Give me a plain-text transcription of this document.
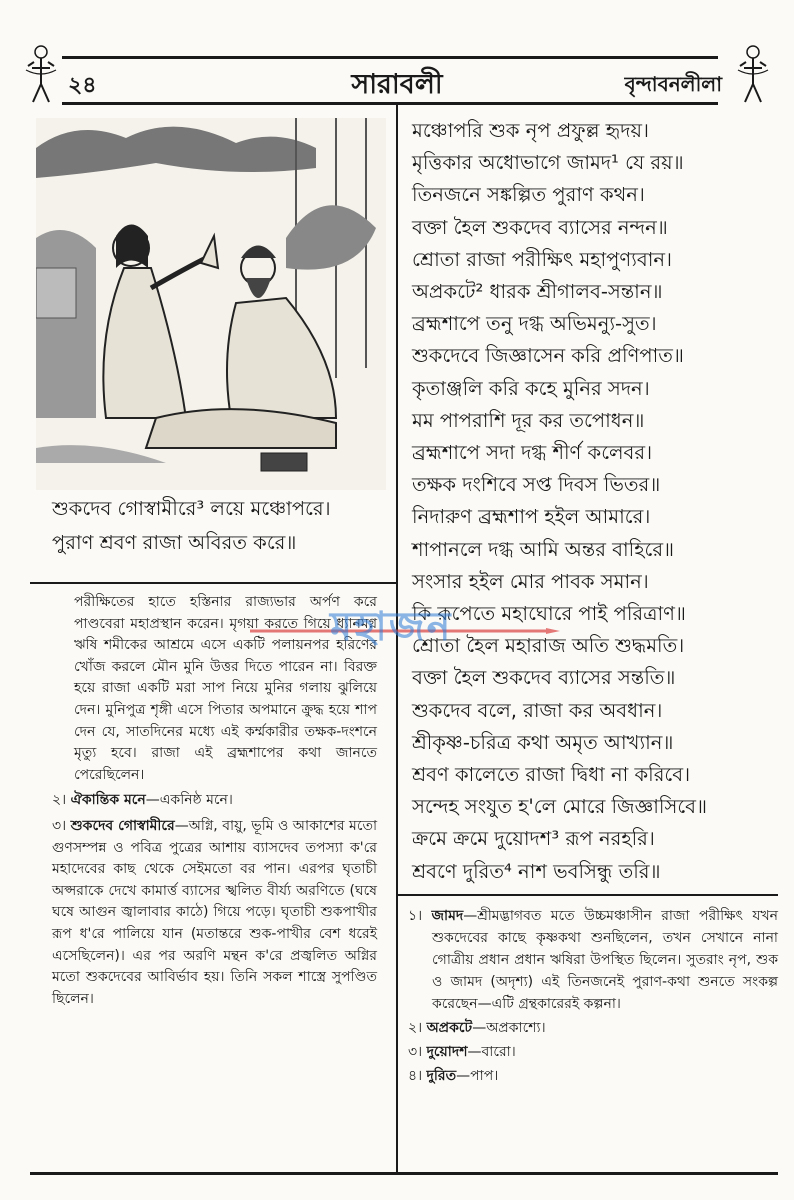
২৪	সারাবলী	বৃন্দাবনলীলা
শুকদেব গোস্বামীরে³ লয়ে মঞ্চোপরে।
পুরাণ শ্রবণ রাজা অবিরত করে॥
পরীক্ষিতের হাতে হস্তিনার রাজ্যভার অর্পণ করে পাণ্ডবেরা মহাপ্রস্থান করেন। মৃগয়া করতে গিয়ে ধ্যানমগ্ন ঋষি শমীকের আশ্রমে এসে একটি পলায়নপর হরিণের খোঁজ করলে মৌন মুনি উত্তর দিতে পারেন না। বিরক্ত হয়ে রাজা একটি মরা সাপ নিয়ে মুনির গলায় ঝুলিয়ে দেন। মুনিপুত্র শৃঙ্গী এসে পিতার অপমানে ক্রুদ্ধ হয়ে শাপ দেন যে, সাতদিনের মধ্যে এই কর্ম্মকারীর তক্ষক-দংশনে মৃত্যু হবে। রাজা এই ব্রহ্মশাপের কথা জানতে পেরেছিলেন।
২। ঐকান্তিক মনে—একনিষ্ঠ মনে।
৩। শুকদেব গোস্বামীরে—অগ্নি, বায়ু, ভূমি ও আকাশের মতো গুণসম্পন্ন ও পবিত্র পুত্রের আশায় ব্যাসদেব তপস্যা ক'রে মহাদেবের কাছ থেকে সেইমতো বর পান। এরপর ঘৃতাচী অপ্সরাকে দেখে কামার্ত্ত ব্যাসের স্খলিত বীর্য্য অরণিতে (ঘষে ঘষে আগুন জ্বালাবার কাঠে) গিয়ে পড়ে। ঘৃতাচী শুকপাখীর রূপ ধ'রে পালিয়ে যান (মতান্তরে শুক-পাখীর বেশ ধরেই এসেছিলেন)। এর পর অরণি মন্থন ক'রে প্রজ্বলিত অগ্নির মতো শুকদেবের আবির্ভাব হয়। তিনি সকল শাস্ত্রে সুপণ্ডিত ছিলেন।
মঞ্চোপরি শুক নৃপ প্রফুল্ল হৃদয়।
মৃত্তিকার অধোভাগে জামদ¹ যে রয়॥
তিনজনে সঙ্কল্পিত পুরাণ কথন।
বক্তা হৈল শুকদেব ব্যাসের নন্দন॥
শ্রোতা রাজা পরীক্ষিৎ মহাপুণ্যবান।
অপ্রকটে² ধারক শ্রীগালব-সন্তান॥
ব্রহ্মশাপে তনু দগ্ধ অভিমন্যু-সুত।
শুকদেবে জিজ্ঞাসেন করি প্রণিপাত॥
কৃতাঞ্জলি করি কহে মুনির সদন।
মম পাপরাশি দূর কর তপোধন॥
ব্রহ্মশাপে সদা দগ্ধ শীর্ণ কলেবর।
তক্ষক দংশিবে সপ্ত দিবস ভিতর॥
নিদারুণ ব্রহ্মশাপ হইল আমারে।
শাপানলে দগ্ধ আমি অন্তর বাহিরে॥
সংসার হইল মোর পাবক সমান।
কি রূপেতে মহাঘোরে পাই পরিত্রাণ॥
শ্রোতা হৈল মহারাজ অতি শুদ্ধমতি।
বক্তা হৈল শুকদেব ব্যাসের সন্ততি॥
শুকদেব বলে, রাজা কর অবধান।
শ্রীকৃষ্ণ-চরিত্র কথা অমৃত আখ্যান॥
শ্রবণ কালেতে রাজা দ্বিধা না করিবে।
সন্দেহ সংযুত হ'লে মোরে জিজ্ঞাসিবে॥
ক্রমে ক্রমে দুয়োদশ³ রূপ নরহরি।
শ্রবণে দুরিত⁴ নাশ ভবসিন্ধু তরি॥
১। জামদ—শ্রীমদ্ভাগবত মতে উচ্চমঞ্চাসীন রাজা পরীক্ষিৎ যখন শুকদেবের কাছে কৃষ্ণকথা শুনছিলেন, তখন সেখানে নানা গোত্রীয় প্রধান প্রধান ঋষিরা উপস্থিত ছিলেন। সুতরাং নৃপ, শুক ও জামদ (অদৃশ্য) এই তিনজনেই পুরাণ-কথা শুনতে সংকল্প করেছেন—এটি গ্রন্থকারেরই কল্পনা।
২। অপ্রকটে—অপ্রকাশ্যে।
৩। দুয়োদশ—বারো।
৪। দুরিত—পাপ।
মহাজন
